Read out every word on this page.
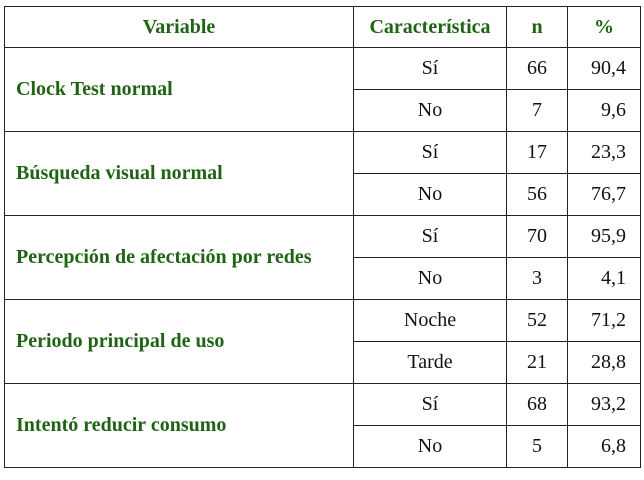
Variable	Característica	n	%
Clock Test normal	Sí	66	90,4
	No	7	9,6
Búsqueda visual normal	Sí	17	23,3
	No	56	76,7
Percepción de afectación por redes	Sí	70	95,9
	No	3	4,1
Periodo principal de uso	Noche	52	71,2
	Tarde	21	28,8
Intentó reducir consumo	Sí	68	93,2
	No	5	6,8
